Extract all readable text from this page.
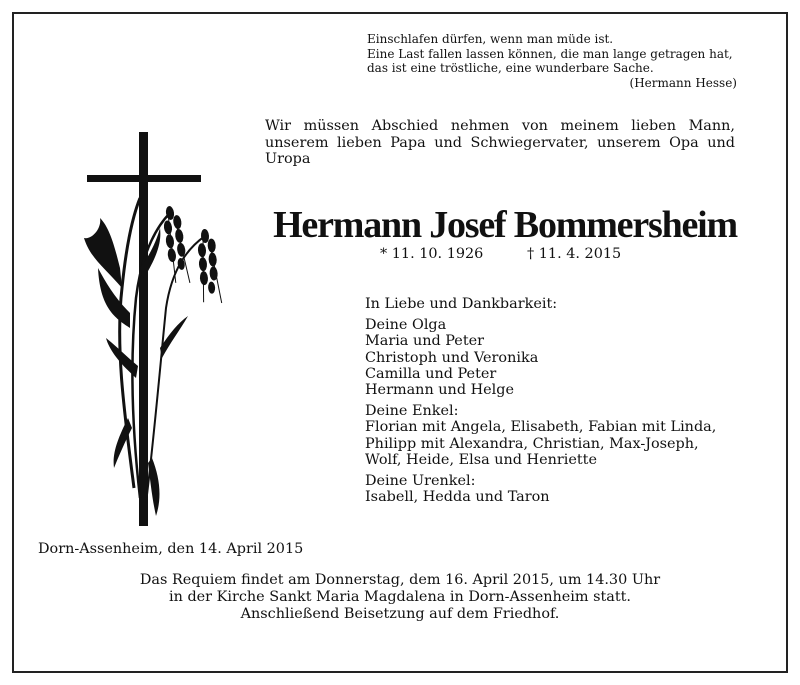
Einschlafen dürfen, wenn man müde ist.
Eine Last fallen lassen können, die man lange getragen hat,
das ist eine tröstliche, eine wunderbare Sache.
(Hermann Hesse)
Wir müssen Abschied nehmen von meinem lieben Mann, unserem lieben Papa und Schwiegervater, unserem Opa und Uropa
Hermann Josef Bommersheim
* 11. 10. 1926	† 11. 4. 2015
In Liebe und Dankbarkeit:
Deine Olga
Maria und Peter
Christoph und Veronika
Camilla und Peter
Hermann und Helge
Deine Enkel:
Florian mit Angela, Elisabeth, Fabian mit Linda,
Philipp mit Alexandra, Christian, Max-Joseph,
Wolf, Heide, Elsa und Henriette
Deine Urenkel:
Isabell, Hedda und Taron
Dorn-Assenheim, den 14. April 2015
Das Requiem findet am Donnerstag, dem 16. April 2015, um 14.30 Uhr
in der Kirche Sankt Maria Magdalena in Dorn-Assenheim statt.
Anschließend Beisetzung auf dem Friedhof.
